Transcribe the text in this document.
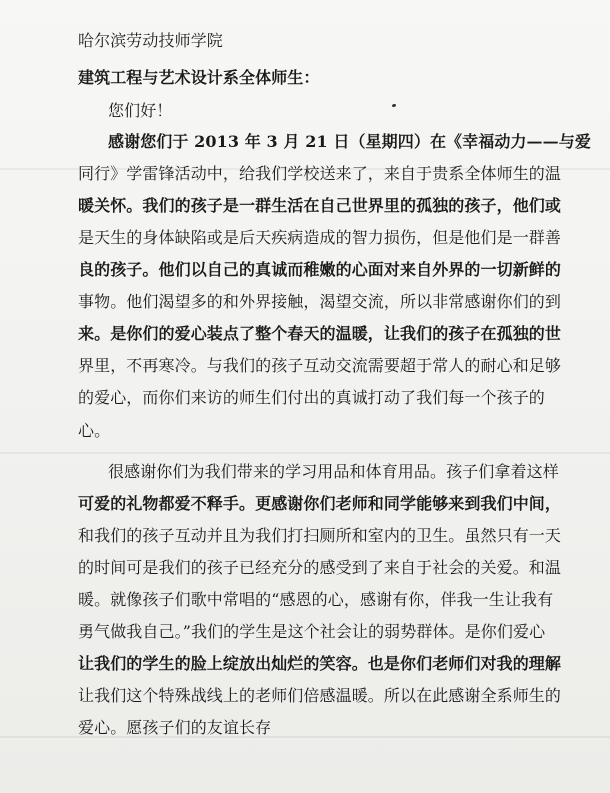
哈尔滨劳动技师学院
建筑工程与艺术设计系全体师生：
您们好！
感谢您们于 2013 年 3 月 21 日（星期四）在《幸福动力——与爱
同行》学雷锋活动中，给我们学校送来了，来自于贵系全体师生的温
暖关怀。我们的孩子是一群生活在自己世界里的孤独的孩子，他们或
是天生的身体缺陷或是后天疾病造成的智力损伤，但是他们是一群善
良的孩子。他们以自己的真诚而稚嫩的心面对来自外界的一切新鲜的
事物。他们渴望多的和外界接触，渴望交流，所以非常感谢你们的到
来。是你们的爱心装点了整个春天的温暖，让我们的孩子在孤独的世
界里，不再寒冷。与我们的孩子互动交流需要超于常人的耐心和足够
的爱心，而你们来访的师生们付出的真诚打动了我们每一个孩子的
心。
很感谢你们为我们带来的学习用品和体育用品。孩子们拿着这样
可爱的礼物都爱不释手。更感谢你们老师和同学能够来到我们中间，
和我们的孩子互动并且为我们打扫厕所和室内的卫生。虽然只有一天
的时间可是我们的孩子已经充分的感受到了来自于社会的关爱。和温
暖。就像孩子们歌中常唱的“感恩的心，感谢有你，伴我一生让我有
勇气做我自己。”我们的学生是这个社会让的弱势群体。是你们爱心
让我们的学生的脸上绽放出灿烂的笑容。也是你们老师们对我的理解
让我们这个特殊战线上的老师们倍感温暖。所以在此感谢全系师生的
爱心。愿孩子们的友谊长存
